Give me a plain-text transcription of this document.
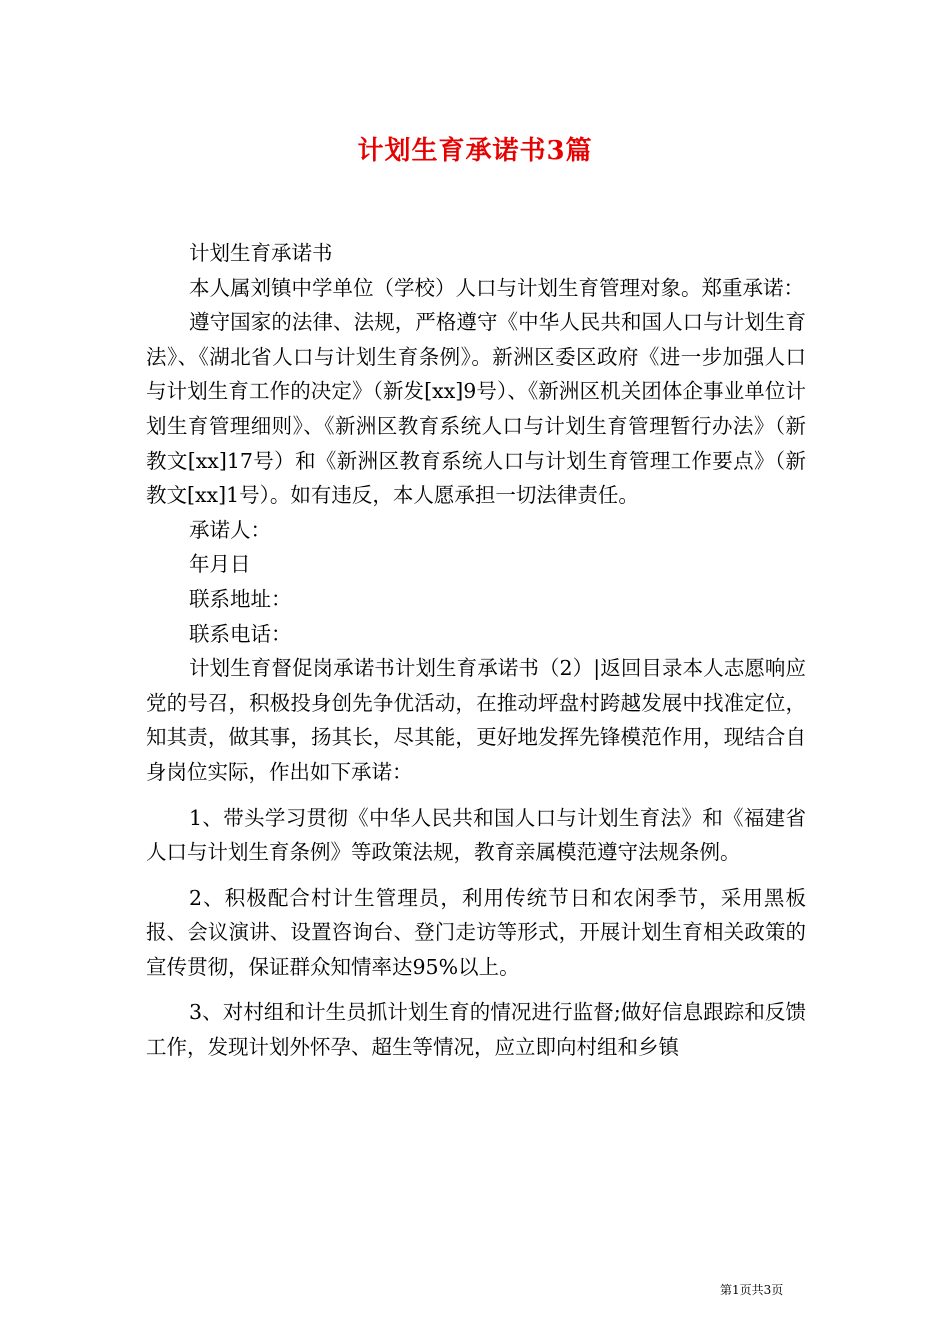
计划生育承诺书3篇

计划生育承诺书

本人属刘镇中学单位（学校）人口与计划生育管理对象。郑重承诺：

遵守国家的法律、法规，严格遵守《中华人民共和国人口与计划生育法》、《湖北省人口与计划生育条例》。新洲区委区政府《进一步加强人口与计划生育工作的决定》（新发[xx]9号）、《新洲区机关团体企事业单位计划生育管理细则》、《新洲区教育系统人口与计划生育管理暂行办法》（新教文[xx]17号）和《新洲区教育系统人口与计划生育管理工作要点》（新教文[xx]1号）。如有违反，本人愿承担一切法律责任。

承诺人：

年月日

联系地址：

联系电话：

计划生育督促岗承诺书计划生育承诺书（2）|返回目录本人志愿响应党的号召，积极投身创先争优活动，在推动坪盘村跨越发展中找准定位，知其责，做其事，扬其长，尽其能，更好地发挥先锋模范作用，现结合自身岗位实际，作出如下承诺：

1、带头学习贯彻《中华人民共和国人口与计划生育法》和《福建省人口与计划生育条例》等政策法规，教育亲属模范遵守法规条例。

2、积极配合村计生管理员，利用传统节日和农闲季节，采用黑板报、会议演讲、设置咨询台、登门走访等形式，开展计划生育相关政策的宣传贯彻，保证群众知情率达95%以上。

3、对村组和计生员抓计划生育的情况进行监督;做好信息跟踪和反馈工作，发现计划外怀孕、超生等情况，应立即向村组和乡镇

第1页共3页
